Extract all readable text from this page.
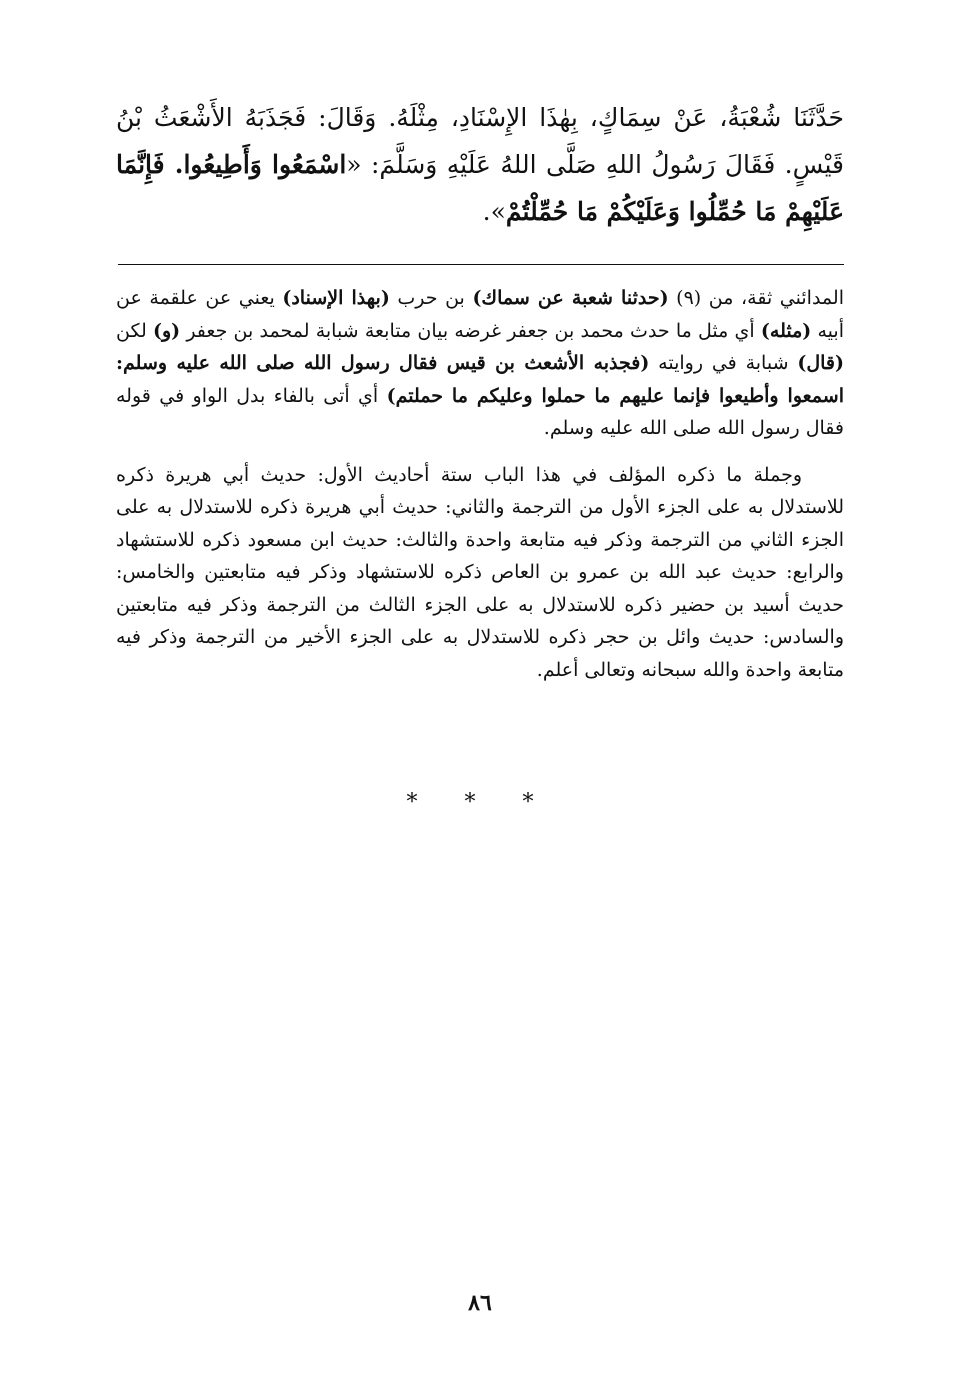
حَدَّثَنَا شُعْبَةُ، عَنْ سِمَاكٍ، بِهٰذَا الإِسْنَادِ، مِثْلَهُ. وَقَالَ: فَجَذَبَهُ الأَشْعَثُ بْنُ قَيْسٍ. فَقَالَ رَسُولُ اللهِ صَلَّى اللهُ عَلَيْهِ وَسَلَّمَ: «اسْمَعُوا وَأَطِيعُوا. فَإِنَّمَا عَلَيْهِمْ مَا حُمِّلُوا وَعَلَيْكُمْ مَا حُمِّلْتُمْ».

المدائني ثقة، من (٩) (حدثنا شعبة عن سماك) بن حرب (بهذا الإسناد) يعني عن علقمة عن أبيه (مثله) أي مثل ما حدث محمد بن جعفر غرضه بيان متابعة شبابة لمحمد بن جعفر (و) لكن (قال) شبابة في روايته (فجذبه الأشعث بن قيس فقال رسول الله صلى الله عليه وسلم: اسمعوا وأطيعوا فإنما عليهم ما حملوا وعليكم ما حملتم) أي أتى بالفاء بدل الواو في قوله فقال رسول الله صلى الله عليه وسلم.

وجملة ما ذكره المؤلف في هذا الباب ستة أحاديث الأول: حديث أبي هريرة ذكره للاستدلال به على الجزء الأول من الترجمة والثاني: حديث أبي هريرة ذكره للاستدلال به على الجزء الثاني من الترجمة وذكر فيه متابعة واحدة والثالث: حديث ابن مسعود ذكره للاستشهاد والرابع: حديث عبد الله بن عمرو بن العاص ذكره للاستشهاد وذكر فيه متابعتين والخامس: حديث أسيد بن حضير ذكره للاستدلال به على الجزء الثالث من الترجمة وذكر فيه متابعتين والسادس: حديث وائل بن حجر ذكره للاستدلال به على الجزء الأخير من الترجمة وذكر فيه متابعة واحدة والله سبحانه وتعالى أعلم.

* * *
٨٦
